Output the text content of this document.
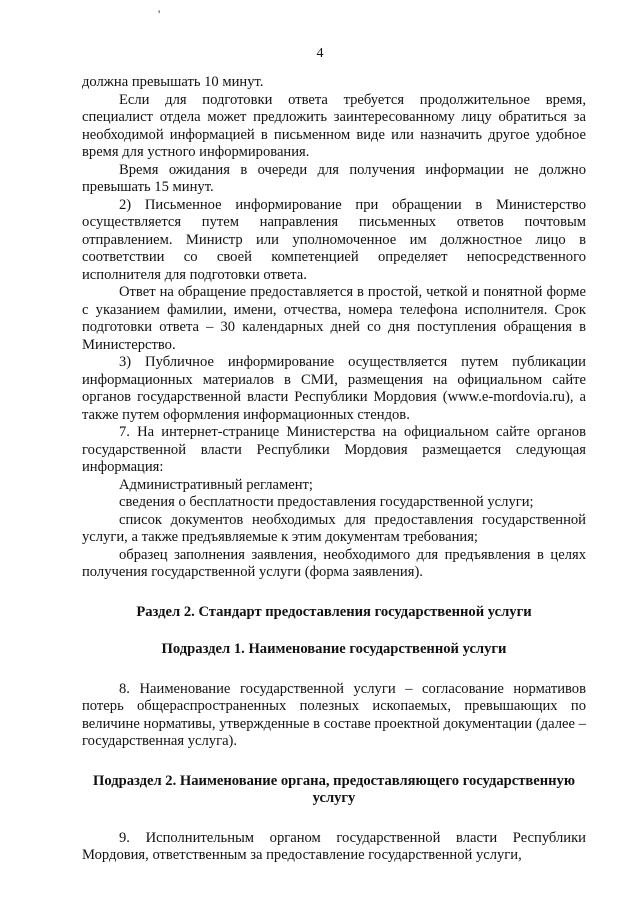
'
4

должна превышать 10 минут.

Если для подготовки ответа требуется продолжительное время, специалист отдела может предложить заинтересованному лицу обратиться за необходимой информацией в письменном виде или назначить другое удобное время для устного информирования.

Время ожидания в очереди для получения информации не должно превышать 15 минут.

2) Письменное информирование при обращении в Министерство осуществляется путем направления письменных ответов почтовым отправлением. Министр или уполномоченное им должностное лицо в соответствии со своей компетенцией определяет непосредственного исполнителя для подготовки ответа.

Ответ на обращение предоставляется в простой, четкой и понятной форме с указанием фамилии, имени, отчества, номера телефона исполнителя. Срок подготовки ответа – 30 календарных дней со дня поступления обращения в Министерство.

3) Публичное информирование осуществляется путем публикации информационных материалов в СМИ, размещения на официальном сайте органов государственной власти Республики Мордовия (www.e-mordovia.ru), а также путем оформления информационных стендов.

7. На интернет-странице Министерства на официальном сайте органов государственной власти Республики Мордовия размещается следующая информация:

Административный регламент;

сведения о бесплатности предоставления государственной услуги;

список документов необходимых для предоставления государственной услуги, а также предъявляемые к этим документам требования;

образец заполнения заявления, необходимого для предъявления в целях получения государственной услуги (форма заявления).

Раздел 2. Стандарт предоставления государственной услуги
Подраздел 1. Наименование государственной услуги

8. Наименование государственной услуги – согласование нормативов потерь общераспространенных полезных ископаемых, превышающих по величине нормативы, утвержденные в составе проектной документации (далее – государственная услуга).

Подраздел 2. Наименование органа, предоставляющего государственную услугу

9. Исполнительным органом государственной власти Республики Мордовия, ответственным за предоставление государственной услуги,
